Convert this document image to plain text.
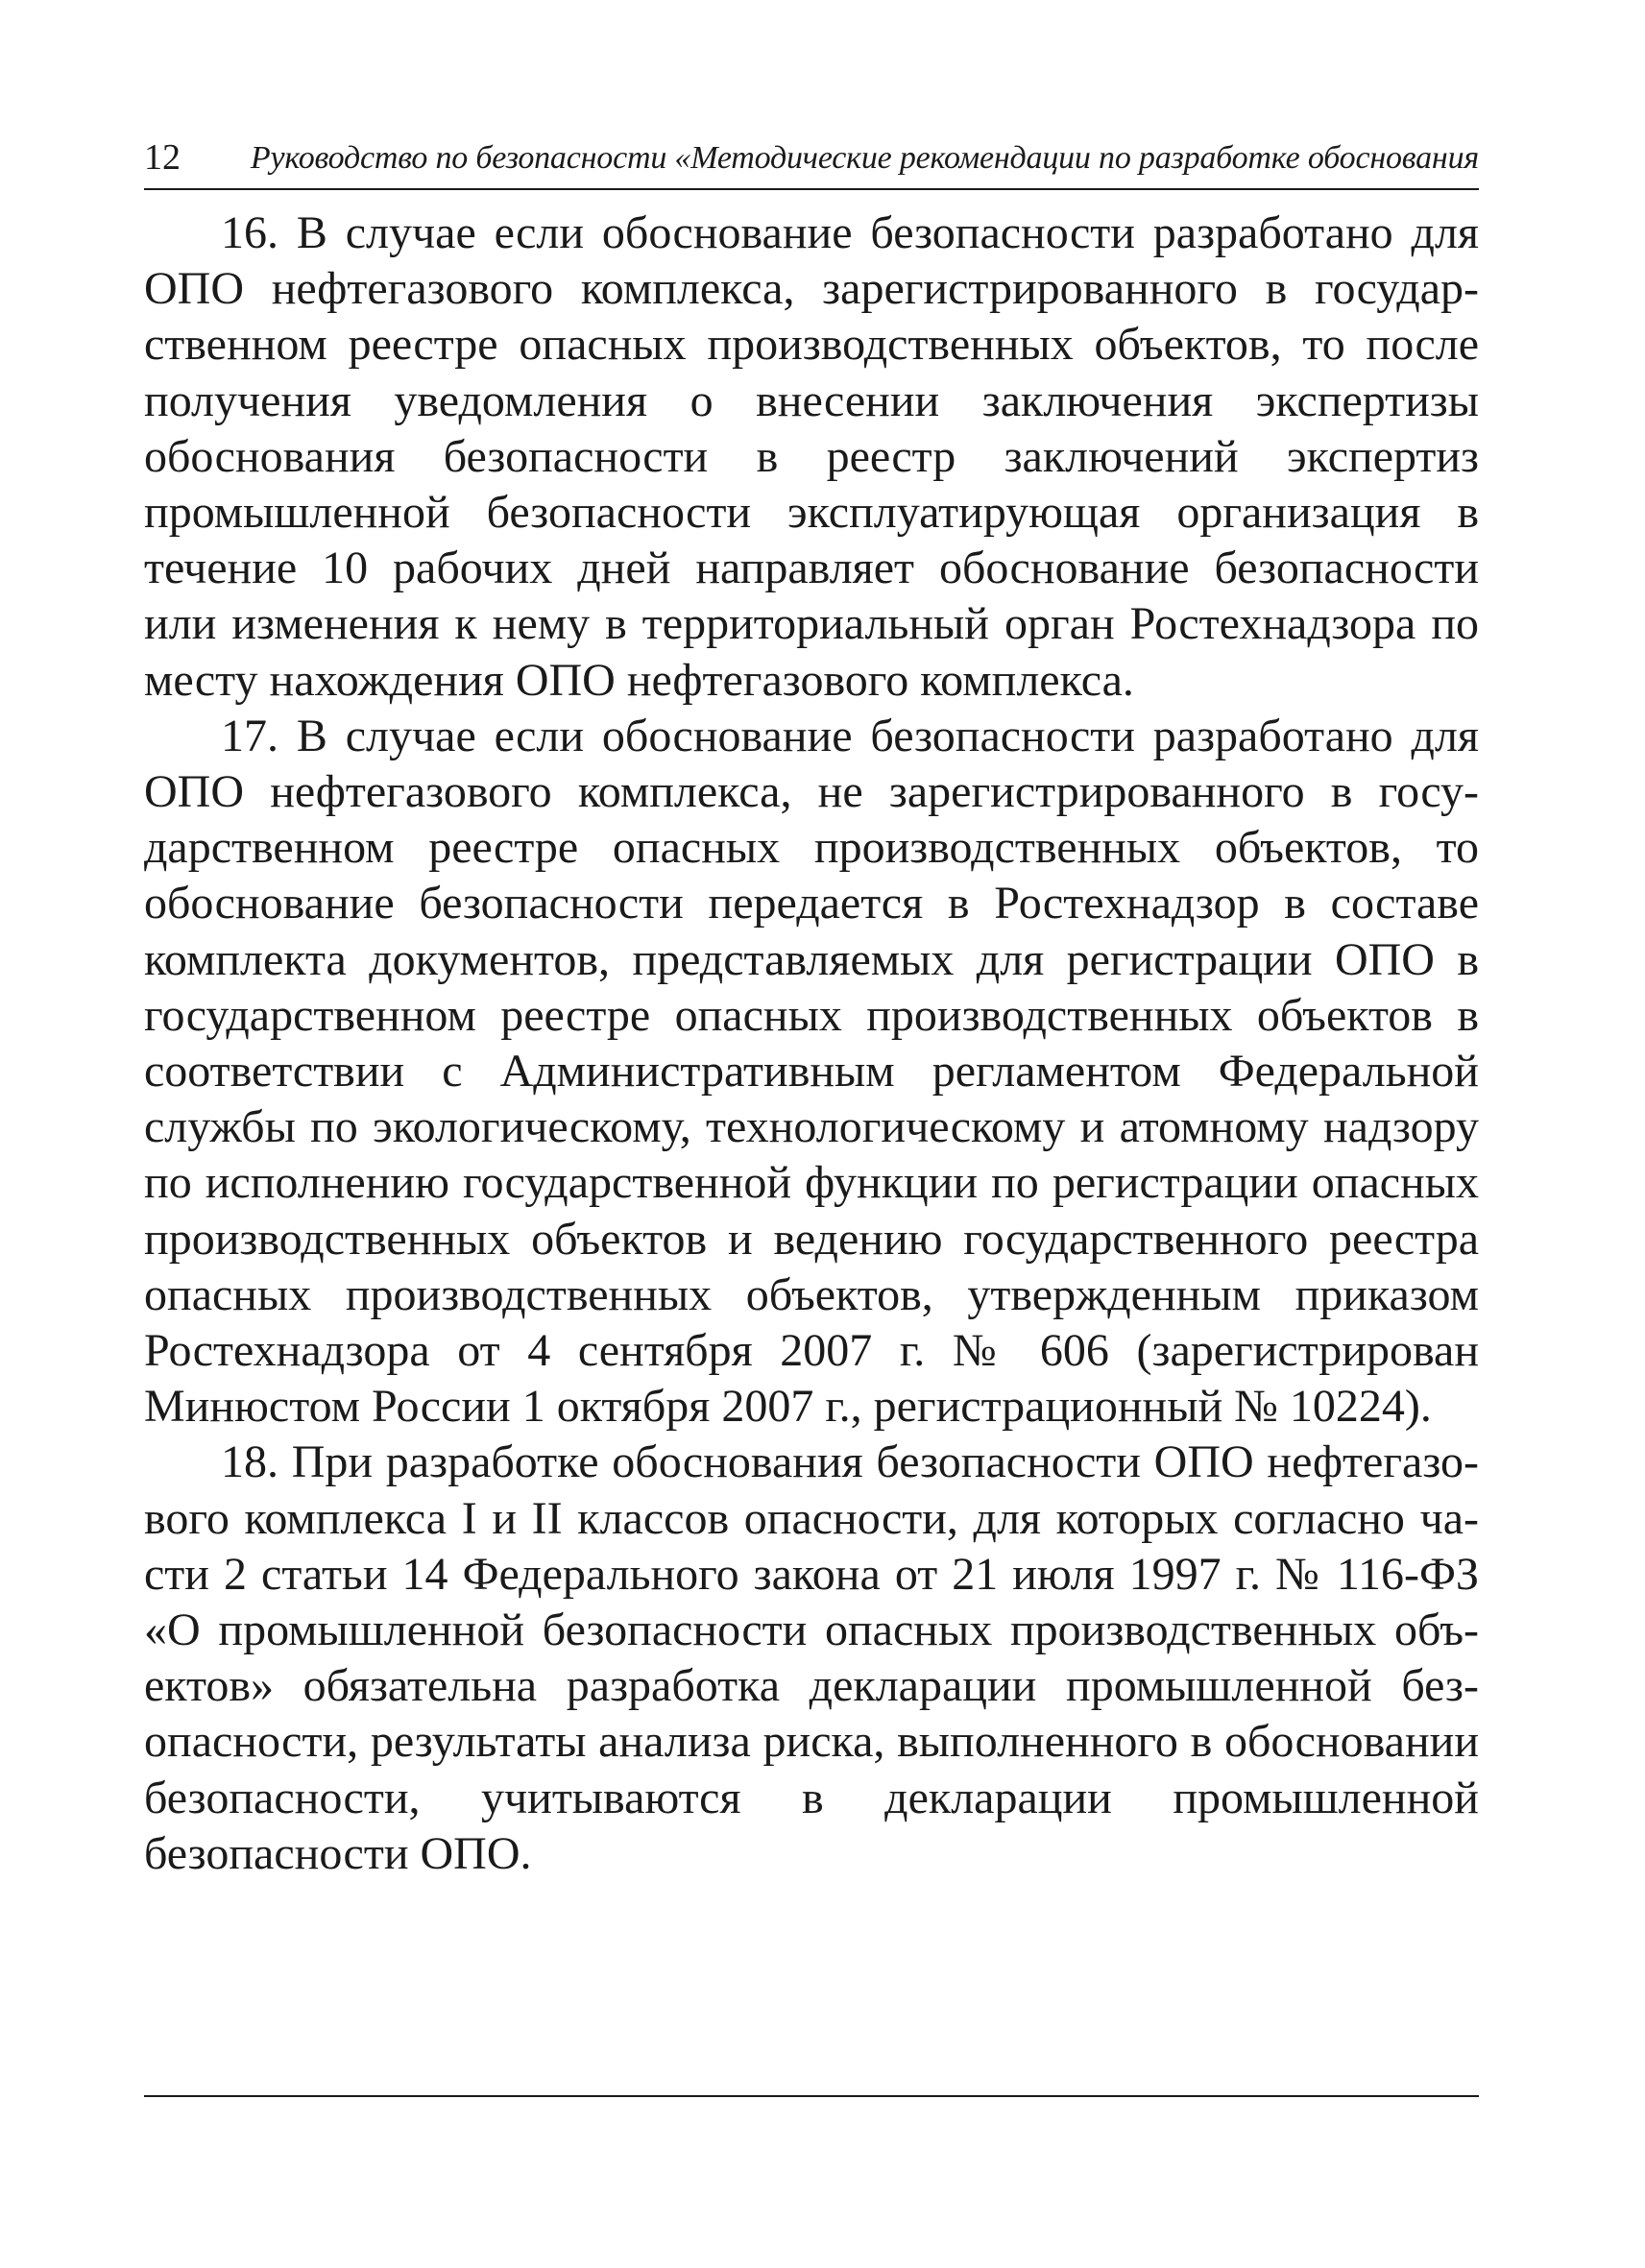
12 Руководство по безопасности «Методические рекомендации по разработке обоснования

16. В случае если обоснование безопасности разработано для ОПО нефтегазового комплекса, зарегистрированного в государственном реестре опасных производственных объектов, то после получения уведомления о внесении заключения экспертизы обоснования безопасности в реестр заключений экспертиз промышленной безопасности эксплуатирующая организация в течение 10 рабочих дней направляет обоснование безопасности или изменения к нему в территориальный орган Ростехнадзора по месту нахождения ОПО нефтегазового комплекса.

17. В случае если обоснование безопасности разработано для ОПО нефтегазового комплекса, не зарегистрированного в государственном реестре опасных производственных объектов, то обоснование безопасности передается в Ростехнадзор в составе комплекта документов, представляемых для регистрации ОПО в государственном реестре опасных производственных объектов в соответствии с Административным регламентом Федеральной службы по экологическому, технологическому и атомному надзору по исполнению государственной функции по регистрации опасных производственных объектов и ведению государственного реестра опасных производственных объектов, утвержденным приказом Ростехнадзора от 4 сентября 2007 г. № 606 (зарегистрирован Минюстом России 1 октября 2007 г., регистрационный № 10224).

18. При разработке обоснования безопасности ОПО нефтегазового комплекса I и II классов опасности, для которых согласно части 2 статьи 14 Федерального закона от 21 июля 1997 г. № 116-ФЗ «О промышленной безопасности опасных производственных объектов» обязательна разработка декларации промышленной безопасности, результаты анализа риска, выполненного в обосновании безопасности, учитываются в декларации промышленной безопасности ОПО.
